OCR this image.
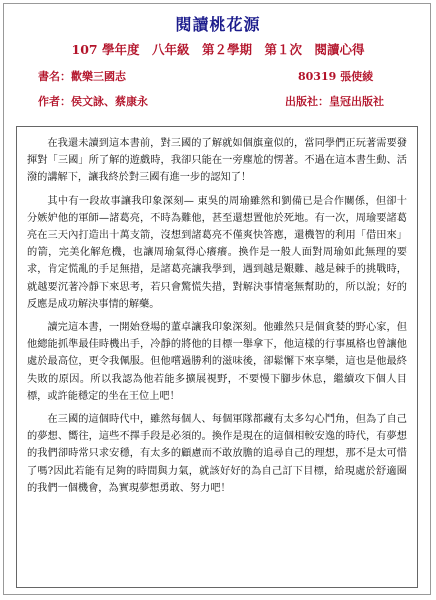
閱讀桃花源
107 學年度　八年級　第２學期　第１次　閱讀心得
書名：歡樂三國志	80319 張使綾
作者：侯文詠、蔡康永	出版社：皇冠出版社

在我還未讀到這本書前，對三國的了解就如個旗童似的，當同學們正玩著需要發揮對「三國」所了解的遊戲時，我卻只能在一旁塵尬的愣著。不過在這本書生動、活潑的講解下，讓我終於對三國有進一步的認知了！

其中有一段故事讓我印象深刻— 東吳的周瑜雖然和劉備已是合作關係，但卻十分嫉妒他的軍師—諸葛亮，不時為難他，甚至還想置他於死地。有一次，周瑜要諸葛亮在三天內打造出十萬支箭，沒想到諸葛亮不僅爽快答應，還機智的利用「借田來」的箭，完美化解危機，也讓周瑜氣得心癢癢。換作是一般人面對周瑜如此無理的要求，肯定慌亂的手足無措，是諸葛亮讓我學到，遇到越是艱難、越是棘手的挑戰時，就越要沉著冷靜下來思考，若只會驚慌失措，對解決事情毫無幫助的，所以說；好的反應是成功解決事情的解藥。

讀完這本書，一開始登場的董卓讓我印象深刻。他雖然只是個貪婪的野心家，但他總能抓準最佳時機出手，冷靜的將他的目標一舉拿下，他這樣的行事風格也曾讓他處於最高位，更令我佩服。但他嚐過勝利的滋味後，卻鬆懈下來享樂，這也是他最終失敗的原因。所以我認為他若能多擴展視野，不要慢下腳步休息，繼續攻下個人目標，或許能穩定的坐在王位上吧！

在三國的這個時代中，雖然每個人、每個軍隊都藏有太多勾心鬥角，但為了自己的夢想、嚮往，這些不擇手段是必須的。換作是現在的這個相較安逸的時代，有夢想的我們卻時常只求安穩，有太多的顧慮而不敢放膽的追尋自己的理想，那不是太可惜了嗎?因此若能有足夠的時間與力氣，就該好好的為自己訂下目標，給現處於舒適圈的我們一個機會，為實現夢想勇敢、努力吧！
